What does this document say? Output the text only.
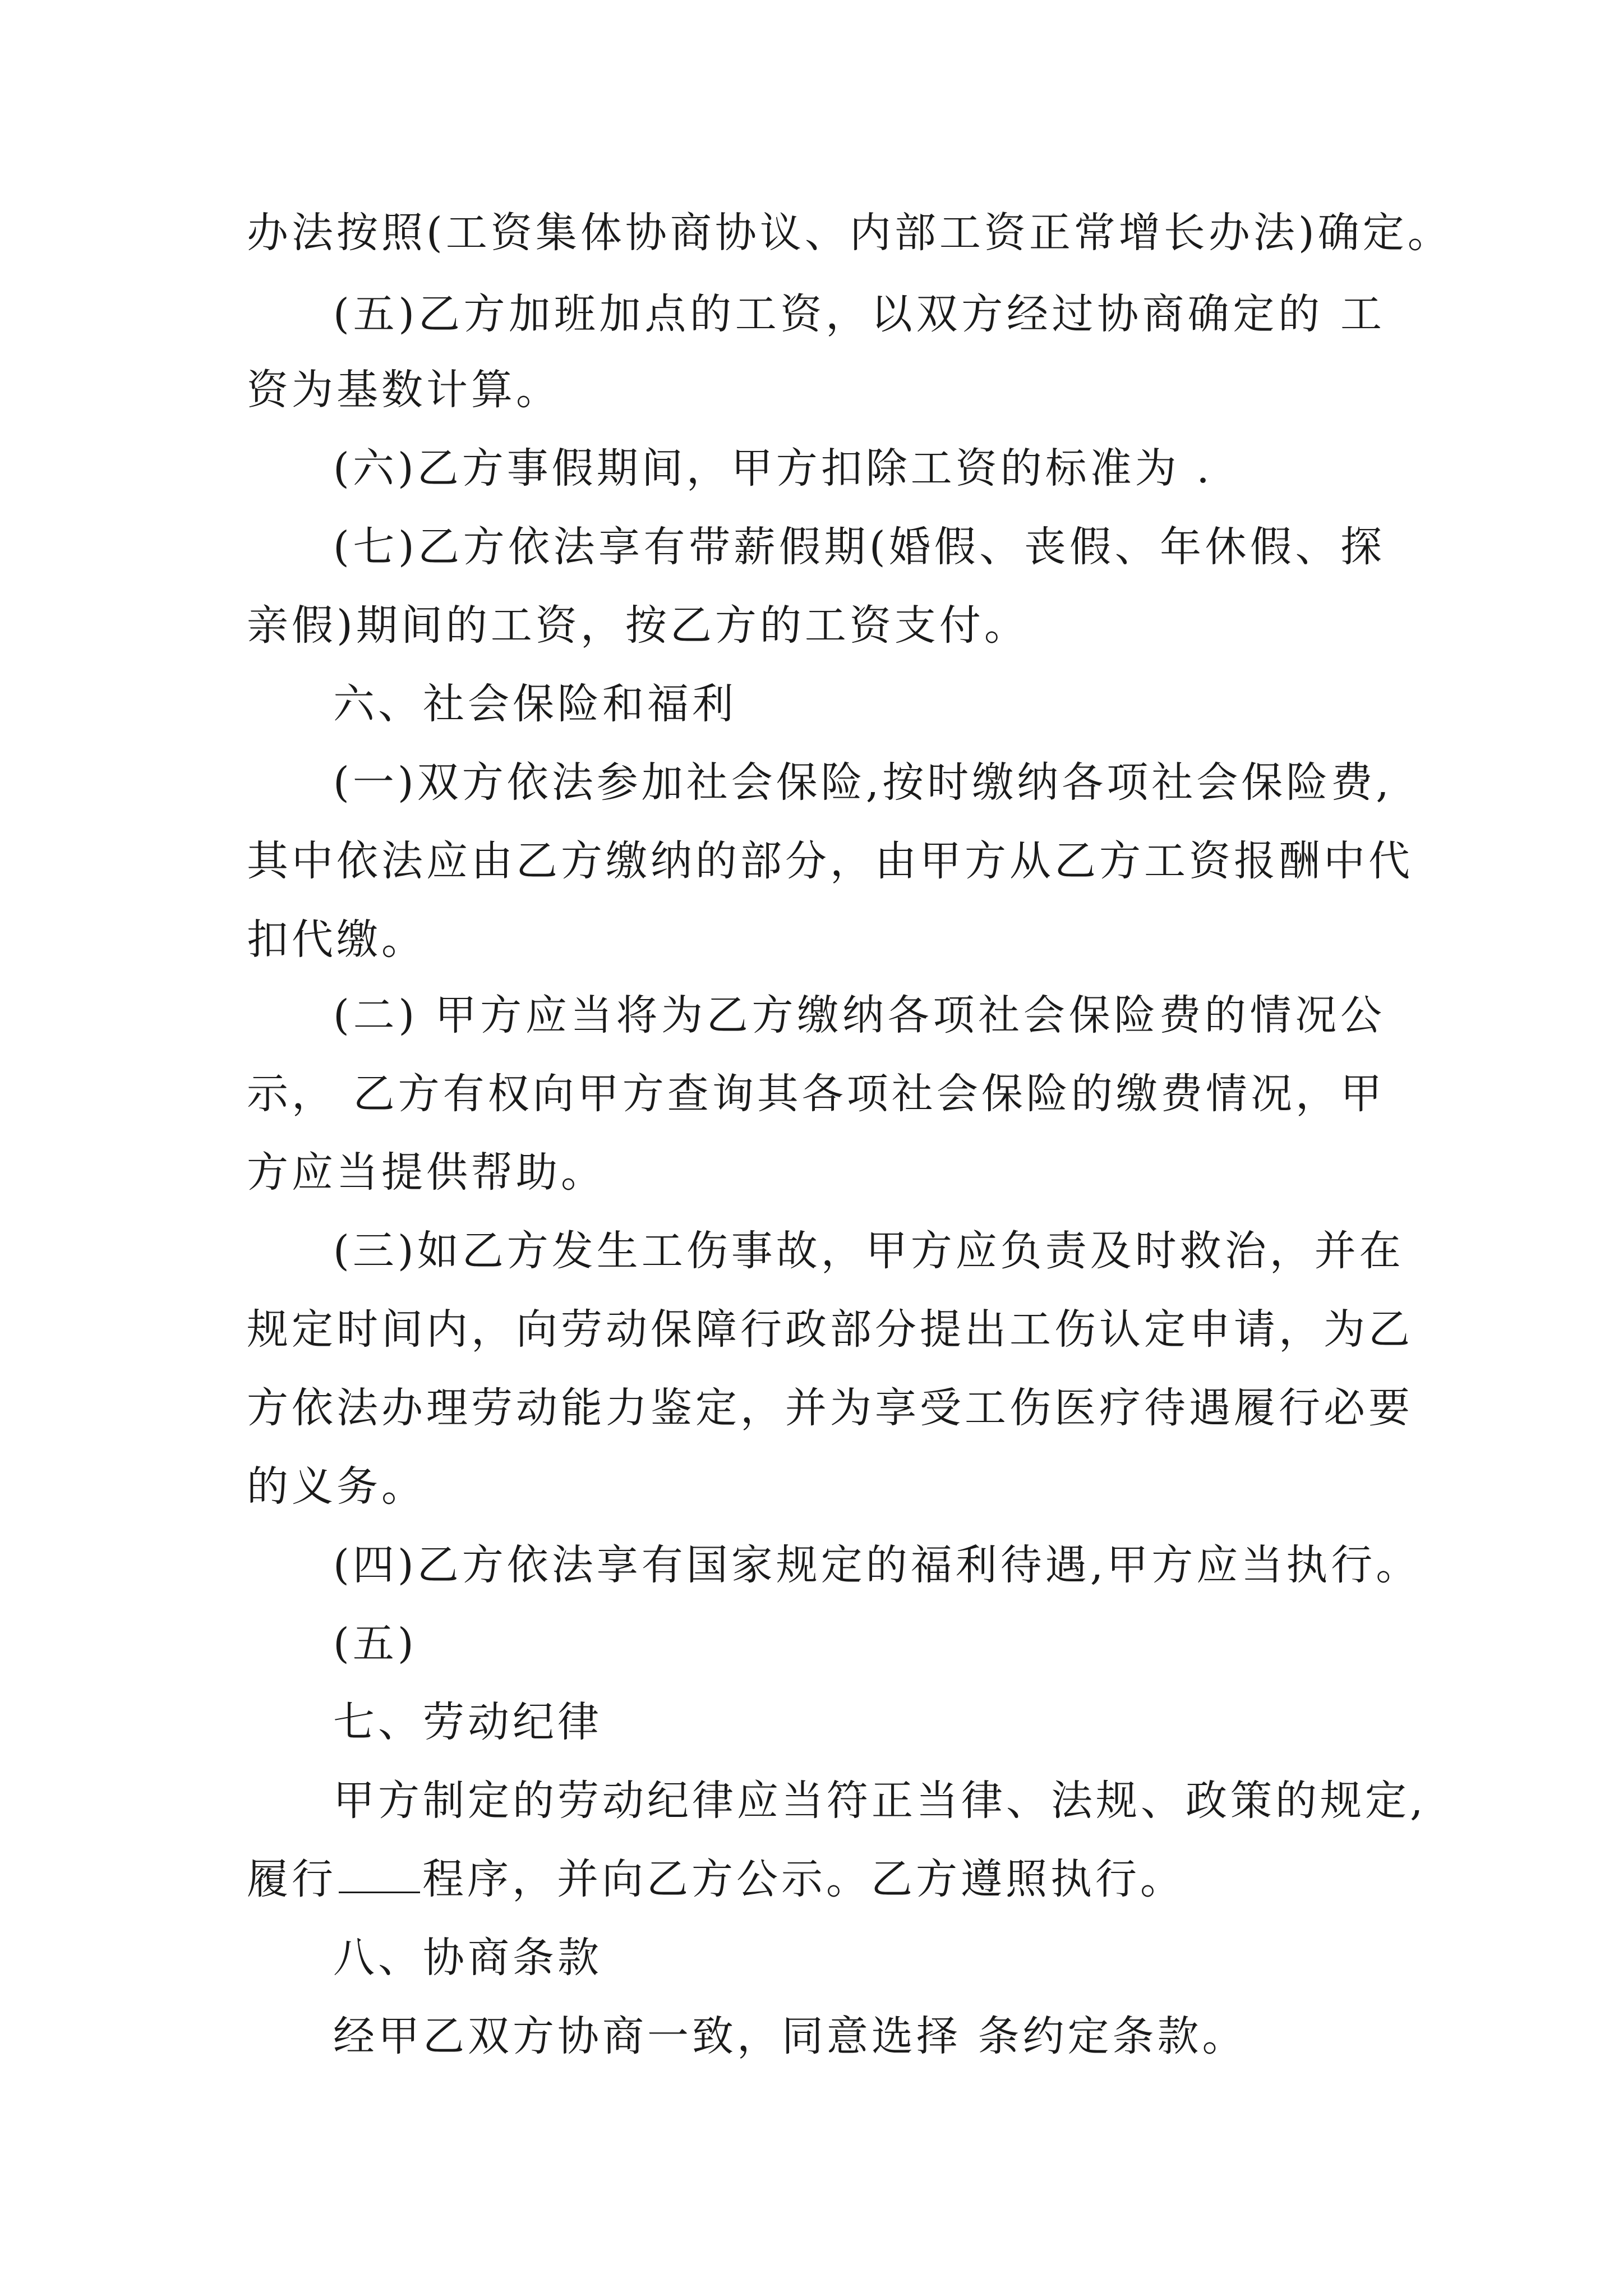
办法按照(工资集体协商协议、内部工资正常增长办法)确定。
(五)乙方加班加点的工资，以双方经过协商确定的 工
资为基数计算。
(六)乙方事假期间，甲方扣除工资的标准为 .
(七)乙方依法享有带薪假期(婚假、丧假、年休假、探
亲假)期间的工资，按乙方的工资支付。
六、社会保险和福利
(一)双方依法参加社会保险,按时缴纳各项社会保险费,
其中依法应由乙方缴纳的部分，由甲方从乙方工资报酬中代
扣代缴。
(二) 甲方应当将为乙方缴纳各项社会保险费的情况公
示， 乙方有权向甲方查询其各项社会保险的缴费情况，甲
方应当提供帮助。
(三)如乙方发生工伤事故，甲方应负责及时救治，并在
规定时间内，向劳动保障行政部分提出工伤认定申请，为乙
方依法办理劳动能力鉴定，并为享受工伤医疗待遇履行必要
的义务。
(四)乙方依法享有国家规定的福利待遇,甲方应当执行。
(五)
七、劳动纪律
甲方制定的劳动纪律应当符正当律、法规、政策的规定,
履行 程序，并向乙方公示。乙方遵照执行。
八、协商条款
经甲乙双方协商一致，同意选择 条约定条款。
